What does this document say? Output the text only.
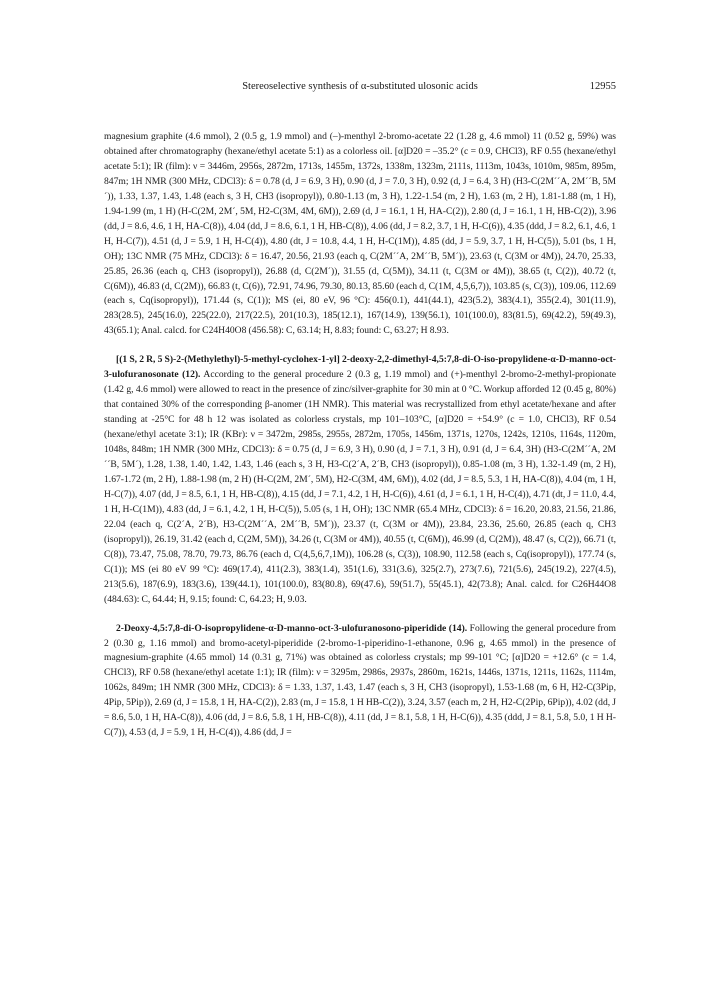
Stereoselective synthesis of α-substituted ulosonic acids	12955

magnesium graphite (4.6 mmol), 2 (0.5 g, 1.9 mmol) and (–)-menthyl 2-bromo-acetate 22 (1.28 g, 4.6 mmol) 11 (0.52 g, 59%) was obtained after chromatography (hexane/ethyl acetate 5:1) as a colorless oil. [α]D20 = –35.2° (c = 0.9, CHCl3), RF 0.55 (hexane/ethyl acetate 5:1); IR (film): ν = 3446m, 2956s, 2872m, 1713s, 1455m, 1372s, 1338m, 1323m, 2111s, 1113m, 1043s, 1010m, 985m, 895m, 847m; 1H NMR (300 MHz, CDCl3): δ = 0.78 (d, J = 6.9, 3 H), 0.90 (d, J = 7.0, 3 H), 0.92 (d, J = 6.4, 3 H) (H3-C(2M´´A, 2M´´B, 5M´)), 1.33, 1.37, 1.43, 1.48 (each s, 3 H, CH3 (isopropyl)), 0.80-1.13 (m, 3 H), 1.22-1.54 (m, 2 H), 1.63 (m, 2 H), 1.81-1.88 (m, 1 H), 1.94-1.99 (m, 1 H) (H-C(2M, 2M´, 5M, H2-C(3M, 4M, 6M)), 2.69 (d, J = 16.1, 1 H, HA-C(2)), 2.80 (d, J = 16.1, 1 H, HB-C(2)), 3.96 (dd, J = 8.6, 4.6, 1 H, HA-C(8)), 4.04 (dd, J = 8.6, 6.1, 1 H, HB-C(8)), 4.06 (dd, J = 8.2, 3.7, 1 H, H-C(6)), 4.35 (ddd, J = 8.2, 6.1, 4.6, 1 H, H-C(7)), 4.51 (d, J = 5.9, 1 H, H-C(4)), 4.80 (dt, J = 10.8, 4.4, 1 H, H-C(1M)), 4.85 (dd, J = 5.9, 3.7, 1 H, H-C(5)), 5.01 (bs, 1 H, OH); 13C NMR (75 MHz, CDCl3): δ = 16.47, 20.56, 21.93 (each q, C(2M´´A, 2M´´B, 5M´)), 23.63 (t, C(3M or 4M)), 24.70, 25.33, 25.85, 26.36 (each q, CH3 (isopropyl)), 26.88 (d, C(2M´)), 31.55 (d, C(5M)), 34.11 (t, C(3M or 4M)), 38.65 (t, C(2)), 40.72 (t, C(6M)), 46.83 (d, C(2M)), 66.83 (t, C(6)), 72.91, 74.96, 79.30, 80.13, 85.60 (each d, C(1M, 4,5,6,7)), 103.85 (s, C(3)), 109.06, 112.69 (each s, Cq(isopropyl)), 171.44 (s, C(1)); MS (ei, 80 eV, 96 °C): 456(0.1), 441(44.1), 423(5.2), 383(4.1), 355(2.4), 301(11.9), 283(28.5), 245(16.0), 225(22.0), 217(22.5), 201(10.3), 185(12.1), 167(14.9), 139(56.1), 101(100.0), 83(81.5), 69(42.2), 59(49.3), 43(65.1); Anal. calcd. for C24H40O8 (456.58): C, 63.14; H, 8.83; found: C, 63.27; H 8.93.

[(1 S, 2 R, 5 S)-2-(Methylethyl)-5-methyl-cyclohex-1-yl] 2-deoxy-2,2-dimethyl-4,5:7,8-di-O-iso-propylidene-α-D-manno-oct-3-ulofuranosonate (12). According to the general procedure 2 (0.3 g, 1.19 mmol) and (+)-menthyl 2-bromo-2-methyl-propionate (1.42 g, 4.6 mmol) were allowed to react in the presence of zinc/silver-graphite for 30 min at 0 °C. Workup afforded 12 (0.45 g, 80%) that contained 30% of the corresponding β-anomer (1H NMR). This material was recrystallized from ethyl acetate/hexane and after standing at -25°C for 48 h 12 was isolated as colorless crystals, mp 101–103°C, [α]D20 = +54.9° (c = 1.0, CHCl3), RF 0.54 (hexane/ethyl acetate 3:1); IR (KBr): ν = 3472m, 2985s, 2955s, 2872m, 1705s, 1456m, 1371s, 1270s, 1242s, 1210s, 1164s, 1120m, 1048s, 848m; 1H NMR (300 MHz, CDCl3): δ = 0.75 (d, J = 6.9, 3 H), 0.90 (d, J = 7.1, 3 H), 0.91 (d, J = 6.4, 3H) (H3-C(2M´´A, 2M´´B, 5M´), 1.28, 1.38, 1.40, 1.42, 1.43, 1.46 (each s, 3 H, H3-C(2´A, 2´B, CH3 (isopropyl)), 0.85-1.08 (m, 3 H), 1.32-1.49 (m, 2 H), 1.67-1.72 (m, 2 H), 1.88-1.98 (m, 2 H) (H-C(2M, 2M´, 5M), H2-C(3M, 4M, 6M)), 4.02 (dd, J = 8.5, 5.3, 1 H, HA-C(8)), 4.04 (m, 1 H, H-C(7)), 4.07 (dd, J = 8.5, 6.1, 1 H, HB-C(8)), 4.15 (dd, J = 7.1, 4.2, 1 H, H-C(6)), 4.61 (d, J = 6.1, 1 H, H-C(4)), 4.71 (dt, J = 11.0, 4.4, 1 H, H-C(1M)), 4.83 (dd, J = 6.1, 4.2, 1 H, H-C(5)), 5.05 (s, 1 H, OH); 13C NMR (65.4 MHz, CDCl3): δ = 16.20, 20.83, 21.56, 21.86, 22.04 (each q, C(2´A, 2´B), H3-C(2M´´A, 2M´´B, 5M´)), 23.37 (t, C(3M or 4M)), 23.84, 23.36, 25.60, 26.85 (each q, CH3 (isopropyl)), 26.19, 31.42 (each d, C(2M, 5M)), 34.26 (t, C(3M or 4M)), 40.55 (t, C(6M)), 46.99 (d, C(2M)), 48.47 (s, C(2)), 66.71 (t, C(8)), 73.47, 75.08, 78.70, 79.73, 86.76 (each d, C(4,5,6,7,1M)), 106.28 (s, C(3)), 108.90, 112.58 (each s, Cq(isopropyl)), 177.74 (s, C(1)); MS (ei 80 eV 99 °C): 469(17.4), 411(2.3), 383(1.4), 351(1.6), 331(3.6), 325(2.7), 273(7.6), 721(5.6), 245(19.2), 227(4.5), 213(5.6), 187(6.9), 183(3.6), 139(44.1), 101(100.0), 83(80.8), 69(47.6), 59(51.7), 55(45.1), 42(73.8); Anal. calcd. for C26H44O8 (484.63): C, 64.44; H, 9.15; found: C, 64.23; H, 9.03.

2-Deoxy-4,5:7,8-di-O-isopropylidene-α-D-manno-oct-3-ulofuranosono-piperidide (14). Following the general procedure from 2 (0.30 g, 1.16 mmol) and bromo-acetyl-piperidide (2-bromo-1-piperidino-1-ethanone, 0.96 g, 4.65 mmol) in the presence of magnesium-graphite (4.65 mmol) 14 (0.31 g, 71%) was obtained as colorless crystals; mp 99-101 °C; [α]D20 = +12.6° (c = 1.4, CHCl3), RF 0.58 (hexane/ethyl acetate 1:1); IR (film): ν = 3295m, 2986s, 2937s, 2860m, 1621s, 1446s, 1371s, 1211s, 1162s, 1114m, 1062s, 849m; 1H NMR (300 MHz, CDCl3): δ = 1.33, 1.37, 1.43, 1.47 (each s, 3 H, CH3 (isopropyl), 1.53-1.68 (m, 6 H, H2-C(3Pip, 4Pip, 5Pip)), 2.69 (d, J = 15.8, 1 H, HA-C(2)), 2.83 (m, J = 15.8, 1 H HB-C(2)), 3.24, 3.57 (each m, 2 H, H2-C(2Pip, 6Pip)), 4.02 (dd, J = 8.6, 5.0, 1 H, HA-C(8)), 4.06 (dd, J = 8.6, 5.8, 1 H, HB-C(8)), 4.11 (dd, J = 8.1, 5.8, 1 H, H-C(6)), 4.35 (ddd, J = 8.1, 5.8, 5.0, 1 H H-C(7)), 4.53 (d, J = 5.9, 1 H, H-C(4)), 4.86 (dd, J =
